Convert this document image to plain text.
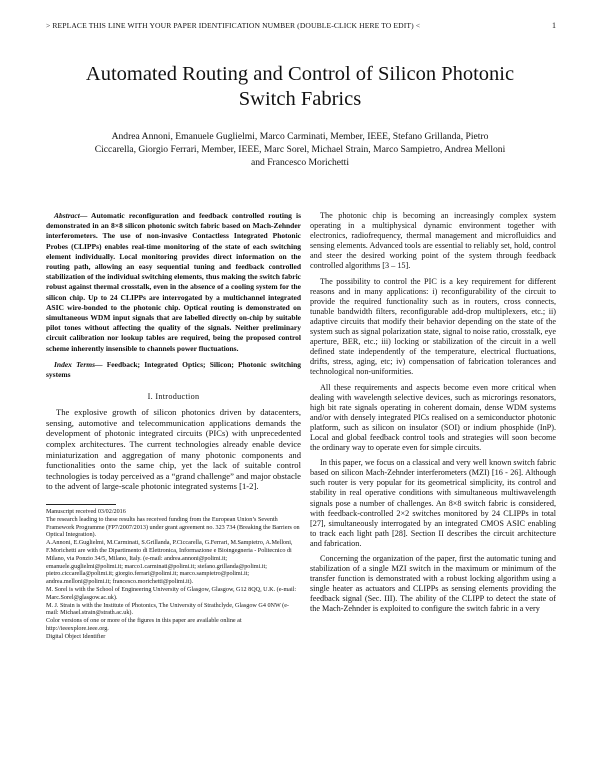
> REPLACE THIS LINE WITH YOUR PAPER IDENTIFICATION NUMBER (DOUBLE-CLICK HERE TO EDIT) <	1
Automated Routing and Control of Silicon Photonic Switch Fabrics
Andrea Annoni, Emanuele Guglielmi, Marco Carminati, Member, IEEE, Stefano Grillanda, Pietro Ciccarella, Giorgio Ferrari, Member, IEEE, Marc Sorel, Michael Strain, Marco Sampietro, Andrea Melloni and Francesco Morichetti

Abstract— Automatic reconfiguration and feedback controlled routing is demonstrated in an 8×8 silicon photonic switch fabric based on Mach-Zehnder interferometers. The use of non-invasive Contactless Integrated Photonic Probes (CLIPPs) enables real-time monitoring of the state of each switching element individually. Local monitoring provides direct information on the routing path, allowing an easy sequential tuning and feedback controlled stabilization of the individual switching elements, thus making the switch fabric robust against thermal crosstalk, even in the absence of a cooling system for the silicon chip. Up to 24 CLIPPs are interrogated by a multichannel integrated ASIC wire-bonded to the photonic chip. Optical routing is demonstrated on simultaneous WDM input signals that are labelled directly on-chip by suitable pilot tones without affecting the quality of the signals. Neither preliminary circuit calibration nor lookup tables are required, being the proposed control scheme inherently insensible to channels power fluctuations.

Index Terms— Feedback; Integrated Optics; Silicon; Photonic switching systems

I. Introduction

The explosive growth of silicon photonics driven by datacenters, sensing, automotive and telecommunication applications demands the development of photonic integrated circuits (PICs) with unprecedented complex architectures. The current technologies already enable device miniaturization and aggregation of many photonic components and functionalities onto the same chip, yet the lack of suitable control technologies is today perceived as a “grand challenge” and major obstacle to the advent of large-scale photonic integrated systems [1-2].

Manuscript received 03/02/2016

The research leading to these results has received funding from the European Union’s Seventh Framework Programme (FP7/2007/2013) under grant agreement no. 323 734 (Breaking the Barriers on Optical Integration).

A.Annoni, E.Guglielmi, M.Carminati, S.Grillanda, P.Ciccarella, G.Ferrari, M.Sampietro, A.Melloni, F.Morichetti are with the Dipartimento di Elettronica, Informazione e Bioingegneria - Politecnico di Milano, via Ponzio 34/5, Milano, Italy. (e-mail: andrea.annoni@polimi.it; emanuele.guglielmi@polimi.it; marco1.carminati@polimi.it; stefano.grillanda@polimi.it; pietro.ciccarella@polimi.it; giorgio.ferrari@polimi.it; marco.sampietro@polimi.it; andrea.melloni@polimi.it; francesco.morichetti@polimi.it).

M. Sorel is with the School of Engineering University of Glasgow, Glasgow, G12 8QQ, U.K. (e-mail: Marc.Sorel@glasgow.ac.uk).

M. J. Strain is with the Institute of Photonics, The University of Strathclyde, Glasgow G4 0NW (e-mail: Michael.strain@strath.ac.uk).

Color versions of one or more of the figures in this paper are available online at http://ieeexplore.ieee.org.

Digital Object Identifier

The photonic chip is becoming an increasingly complex system operating in a multiphysical dynamic environment together with electronics, radiofrequency, thermal management and microfluidics and sensing elements. Advanced tools are essential to reliably set, hold, control and steer the desired working point of the system through feedback controlled algorithms [3 – 15].

The possibility to control the PIC is a key requirement for different reasons and in many applications: i) reconfigurability of the circuit to provide the required functionality such as in routers, cross connects, tunable bandwidth filters, reconfigurable add-drop multiplexers, etc.; ii) adaptive circuits that modify their behavior depending on the state of the system such as signal polarization state, signal to noise ratio, crosstalk, eye aperture, BER, etc.; iii) locking or stabilization of the circuit in a well defined state independently of the temperature, electrical fluctuations, drifts, stress, aging, etc; iv) compensation of fabrication tolerances and technological non-uniformities.

All these requirements and aspects become even more critical when dealing with wavelength selective devices, such as microrings resonators, high bit rate signals operating in coherent domain, dense WDM systems and/or with densely integrated PICs realised on a semiconductor photonic platform, such as silicon on insulator (SOI) or indium phosphide (InP). Local and global feedback control tools and strategies will soon become the ordinary way to operate even for simple circuits.

In this paper, we focus on a classical and very well known switch fabric based on silicon Mach-Zehnder interferometers (MZI) [16 - 26]. Although such router is very popular for its geometrical simplicity, its control and stability in real operative conditions with simultaneous multiwavelength signals pose a number of challenges. An 8×8 switch fabric is considered, with feedback-controlled 2×2 switches monitored by 24 CLIPPs in total [27], simultaneously interrogated by an integrated CMOS ASIC enabling to track each light path [28]. Section II describes the circuit architecture and fabrication.

Concerning the organization of the paper, first the automatic tuning and stabilization of a single MZI switch in the maximum or minimum of the transfer function is demonstrated with a robust locking algorithm using a single heater as actuators and CLIPPs as sensing elements providing the feedback signal (Sec. III). The ability of the CLIPP to detect the state of the Mach-Zehnder is exploited to configure the switch fabric in a very
